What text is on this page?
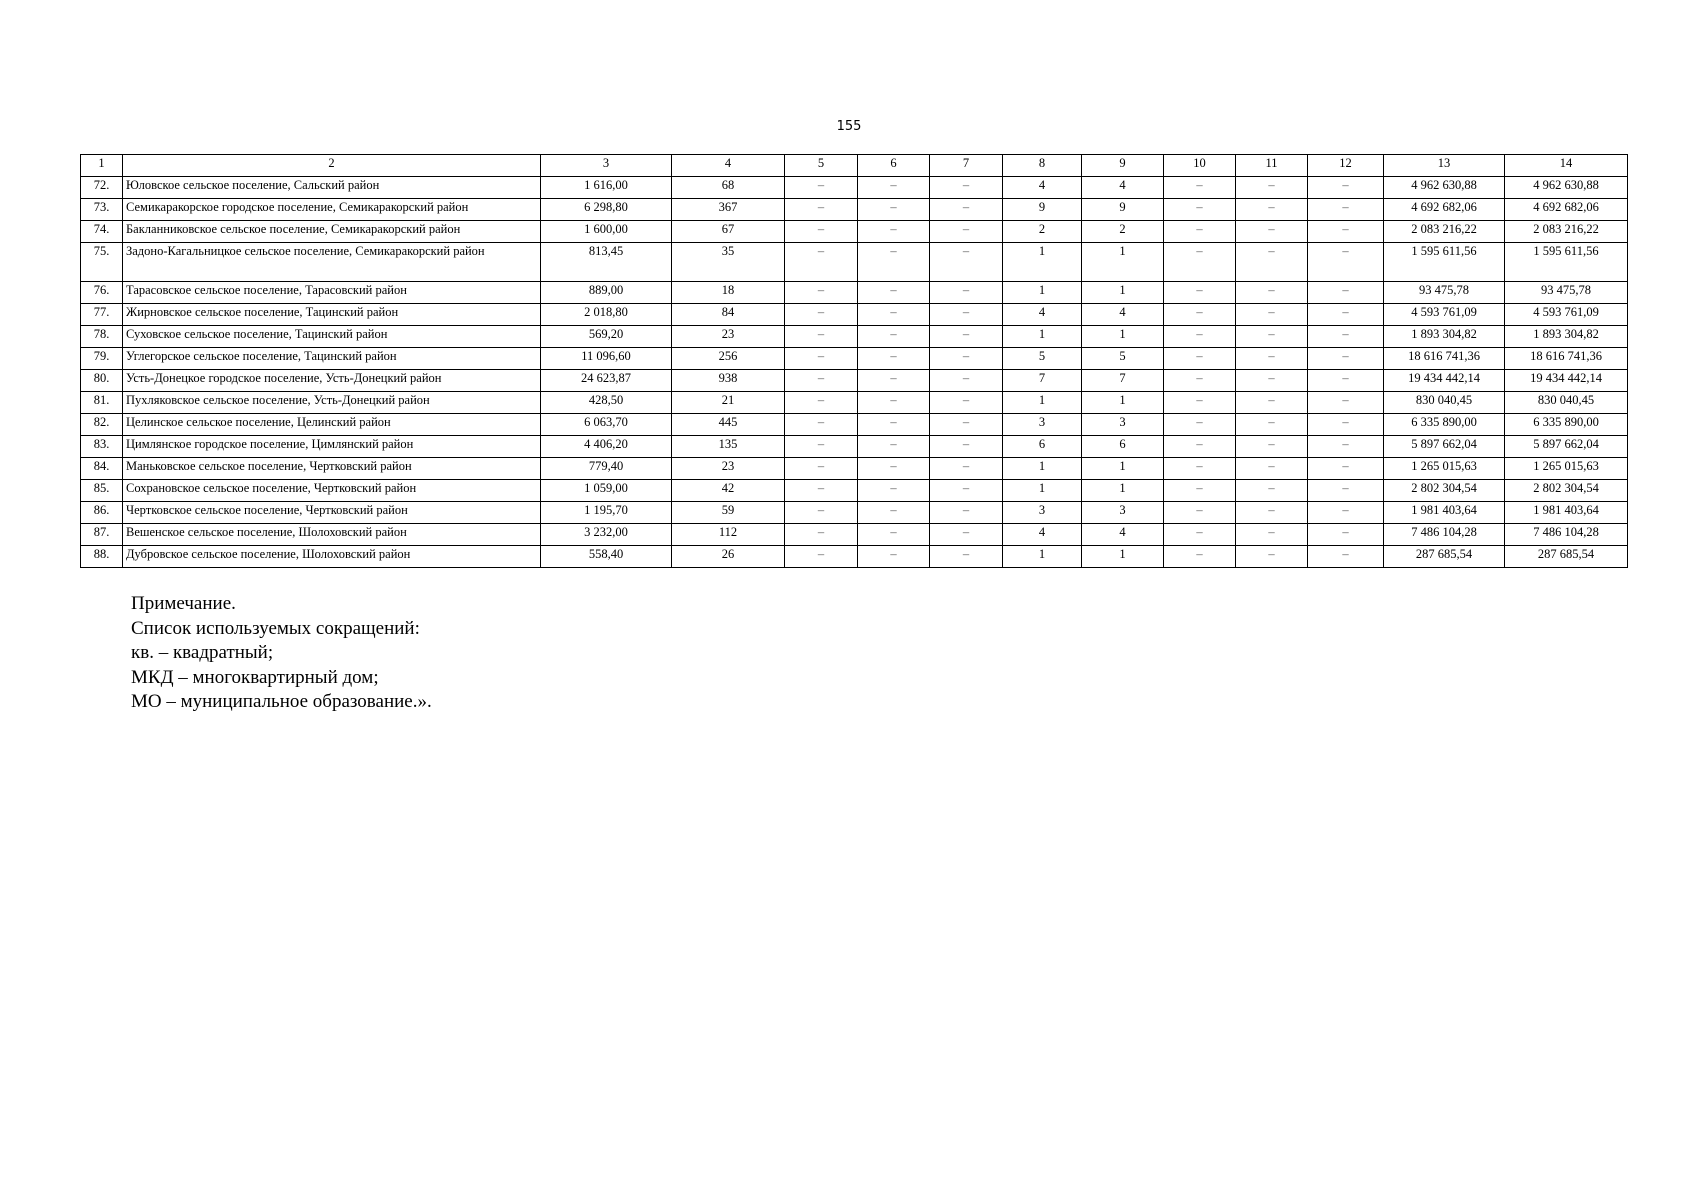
155
1	2	3	4	5	6	7	8	9	10	11	12	13	14
72.	Юловское сельское поселение, Сальский район	1 616,00	68	–	–	–	4	4	–	–	–	4 962 630,88	4 962 630,88
73.	Семикаракорское городское поселение, Семикаракорский район	6 298,80	367	–	–	–	9	9	–	–	–	4 692 682,06	4 692 682,06
74.	Бакланниковское сельское поселение, Семикаракорский район	1 600,00	67	–	–	–	2	2	–	–	–	2 083 216,22	2 083 216,22
75.	Задоно-Кагальницкое сельское поселение, Семикаракорский район	813,45	35	–	–	–	1	1	–	–	–	1 595 611,56	1 595 611,56
76.	Тарасовское сельское поселение, Тарасовский район	889,00	18	–	–	–	1	1	–	–	–	93 475,78	93 475,78
77.	Жирновское сельское поселение, Тацинский район	2 018,80	84	–	–	–	4	4	–	–	–	4 593 761,09	4 593 761,09
78.	Суховское сельское поселение, Тацинский район	569,20	23	–	–	–	1	1	–	–	–	1 893 304,82	1 893 304,82
79.	Углегорское сельское поселение, Тацинский район	11 096,60	256	–	–	–	5	5	–	–	–	18 616 741,36	18 616 741,36
80.	Усть-Донецкое городское поселение, Усть-Донецкий район	24 623,87	938	–	–	–	7	7	–	–	–	19 434 442,14	19 434 442,14
81.	Пухляковское сельское поселение, Усть-Донецкий район	428,50	21	–	–	–	1	1	–	–	–	830 040,45	830 040,45
82.	Целинское сельское поселение, Целинский район	6 063,70	445	–	–	–	3	3	–	–	–	6 335 890,00	6 335 890,00
83.	Цимлянское городское поселение, Цимлянский район	4 406,20	135	–	–	–	6	6	–	–	–	5 897 662,04	5 897 662,04
84.	Маньковское сельское поселение, Чертковский район	779,40	23	–	–	–	1	1	–	–	–	1 265 015,63	1 265 015,63
85.	Сохрановское сельское поселение, Чертковский район	1 059,00	42	–	–	–	1	1	–	–	–	2 802 304,54	2 802 304,54
86.	Чертковское сельское поселение, Чертковский район	1 195,70	59	–	–	–	3	3	–	–	–	1 981 403,64	1 981 403,64
87.	Вешенское сельское поселение, Шолоховский район	3 232,00	112	–	–	–	4	4	–	–	–	7 486 104,28	7 486 104,28
88.	Дубровское сельское поселение, Шолоховский район	558,40	26	–	–	–	1	1	–	–	–	287 685,54	287 685,54
Примечание.
Список используемых сокращений:
кв. – квадратный;
МКД – многоквартирный дом;
МО – муниципальное образование.».
